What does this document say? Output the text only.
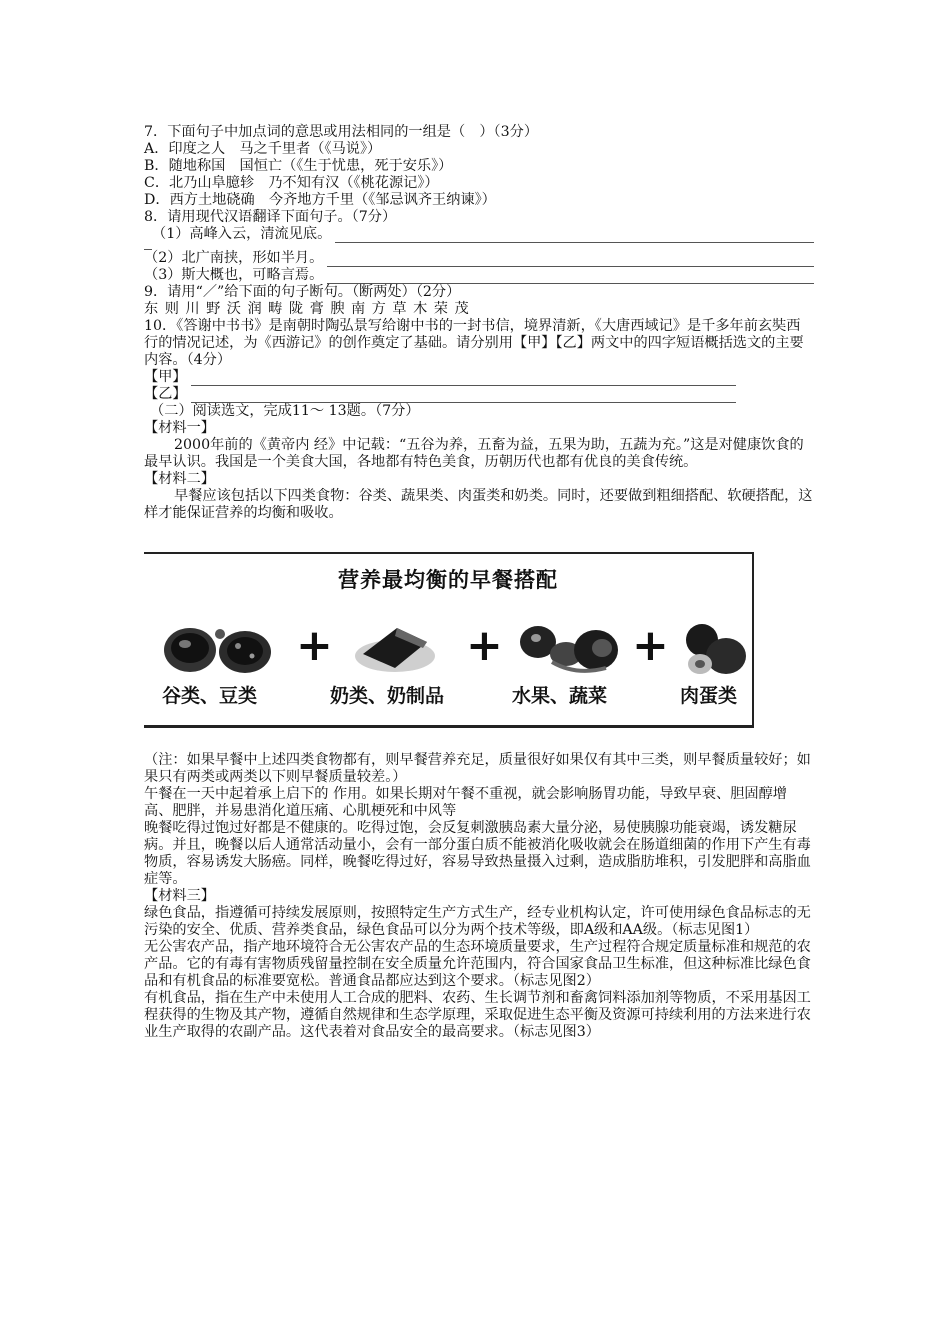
7．下面句子中加点词的意思或用法相同的一组是（　）（3分）

A．印度之人　马之千里者（《马说》）

B．随地称国　国恒亡（《生于忧患，死于安乐》）

C．北乃山阜臆轸　乃不知有汉（《桃花源记》）

D．西方土地硗确　今齐地方千里（《邹忌讽齐王纳谏》）

8．请用现代汉语翻译下面句子。（7分）

（1）高峰入云，清流见底。
（2）北广南挟，形如半月。
（3）斯大概也，可略言焉。

9．请用“／”给下面的句子断句。（断两处）（2分）

东 则 川 野 沃 润 畴 陇 膏 腴 南 方 草 木 荣 茂

10．《答谢中书书》是南朝时陶弘景写给谢中书的一封书信，境界清新，《大唐西域记》是千多年前玄奘西行的情况记述，为《西游记》的创作奠定了基础。请分别用【甲】【乙】两文中的四字短语概括选文的主要内容。（4分）

【甲】
【乙】

（二）阅读选文，完成11～ 13题。（7分）

【材料一】

2000年前的《黄帝内 经》中记载：“五谷为养，五畜为益，五果为助，五蔬为充。”这是对健康饮食的最早认识。我国是一个美食大国，各地都有特色美食，历朝历代也都有优良的美食传统。

【材料二】

早餐应该包括以下四类食物：谷类、蔬果类、肉蛋类和奶类。同时，还要做到粗细搭配、软硬搭配，这样才能保证营养的均衡和吸收。

营养最均衡的早餐搭配
+	+	+
谷类、豆类	奶类、奶制品	水果、蔬菜	肉蛋类

（注：如果早餐中上述四类食物都有，则早餐营养充足，质量很好如果仅有其中三类，则早餐质量较好；如果只有两类或两类以下则早餐质量较差。）

午餐在一天中起着承上启下的 作用。如果长期对午餐不重视，就会影响肠胃功能，导致早衰、胆固醇增高、肥胖，并易患消化道压痛、心肌梗死和中风等

晚餐吃得过饱过好都是不健康的。吃得过饱，会反复刺激胰岛素大量分泌，易使胰腺功能衰竭，诱发糖尿病。并且，晚餐以后人通常活动量小，会有一部分蛋白质不能被消化吸收就会在肠道细菌的作用下产生有毒物质，容易诱发大肠癌。同样，晚餐吃得过好，容易导致热量摄入过剩，造成脂肪堆积，引发肥胖和高脂血症等。

【材料三】

绿色食品，指遵循可持续发展原则，按照特定生产方式生产，经专业机构认定，许可使用绿色食品标志的无污染的安全、优质、营养类食品，绿色食品可以分为两个技术等级，即A级和AA级。（标志见图1）

无公害农产品，指产地环境符合无公害农产品的生态环境质量要求，生产过程符合规定质量标准和规范的农产品。它的有毒有害物质残留量控制在安全质量允许范围内，符合国家食品卫生标准，但这种标准比绿色食品和有机食品的标准要宽松。普通食品都应达到这个要求。（标志见图2）

有机食品，指在生产中未使用人工合成的肥料、农药、生长调节剂和畜禽饲料添加剂等物质，不采用基因工程获得的生物及其产物，遵循自然规律和生态学原理，采取促进生态平衡及资源可持续利用的方法来进行农业生产取得的农副产品。这代表着对食品安全的最高要求。（标志见图3）
